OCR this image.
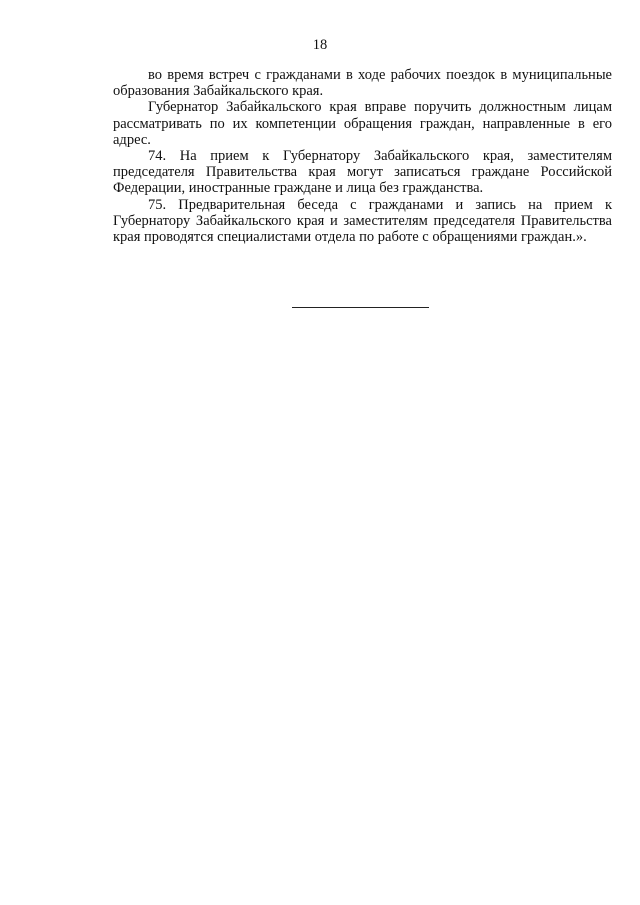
18

во время встреч с гражданами в ходе рабочих поездок в муниципальные образования Забайкальского края.

Губернатор Забайкальского края вправе поручить должностным лицам рассматривать по их компетенции обращения граждан, направленные в его адрес.

74. На прием к Губернатору Забайкальского края, заместителям председателя Правительства края могут записаться граждане Российской Федерации, иностранные граждане и лица без гражданства.

75. Предварительная беседа с гражданами и запись на прием к Губернатору Забайкальского края и заместителям председателя Правительства края проводятся специалистами отдела по работе с обращениями граждан.».
